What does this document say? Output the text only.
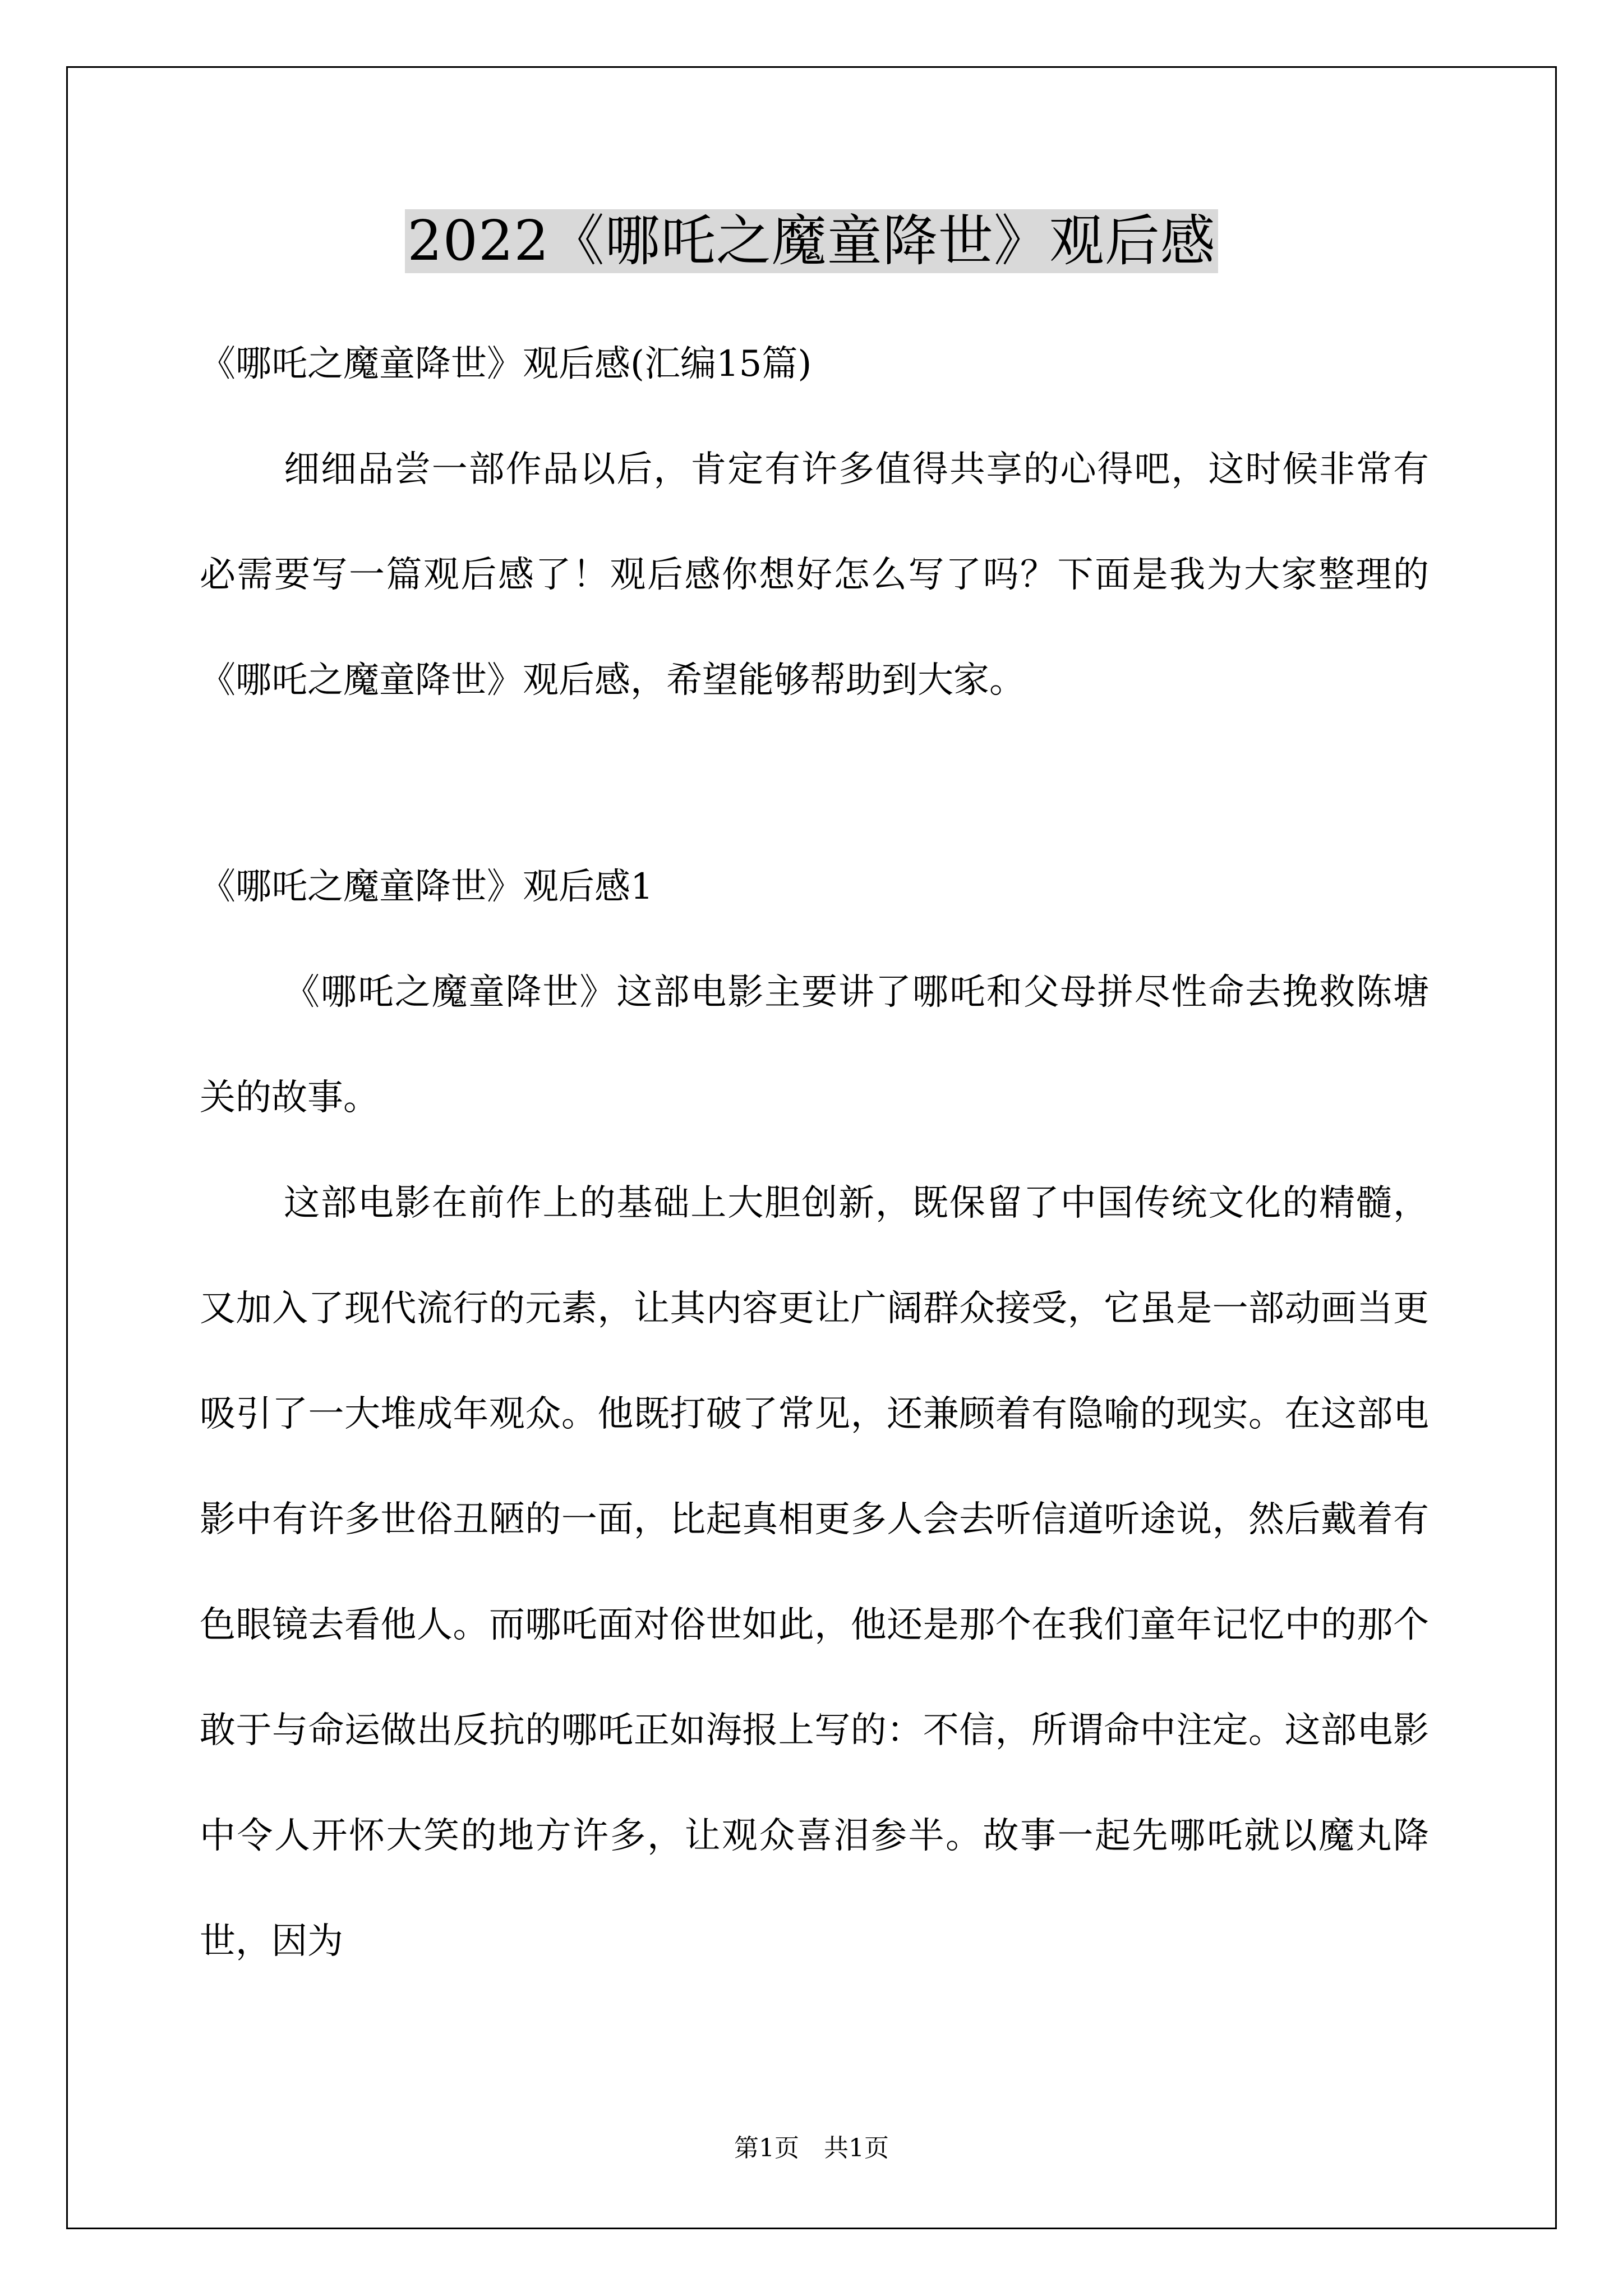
2022《哪吒之魔童降世》观后感

《哪吒之魔童降世》观后感(汇编15篇)

细细品尝一部作品以后，肯定有许多值得共享的心得吧，这时候非常有必需要写一篇观后感了！观后感你想好怎么写了吗？下面是我为大家整理的《哪吒之魔童降世》观后感，希望能够帮助到大家。

《哪吒之魔童降世》观后感1

《哪吒之魔童降世》这部电影主要讲了哪吒和父母拼尽性命去挽救陈塘关的故事。

这部电影在前作上的基础上大胆创新，既保留了中国传统文化的精髓，又加入了现代流行的元素，让其内容更让广阔群众接受，它虽是一部动画当更吸引了一大堆成年观众。他既打破了常见，还兼顾着有隐喻的现实。在这部电影中有许多世俗丑陋的一面，比起真相更多人会去听信道听途说，然后戴着有色眼镜去看他人。而哪吒面对俗世如此，他还是那个在我们童年记忆中的那个敢于与命运做出反抗的哪吒正如海报上写的：不信，所谓命中注定。这部电影中令人开怀大笑的地方许多，让观众喜泪参半。故事一起先哪吒就以魔丸降世，因为

第1页　共1页
